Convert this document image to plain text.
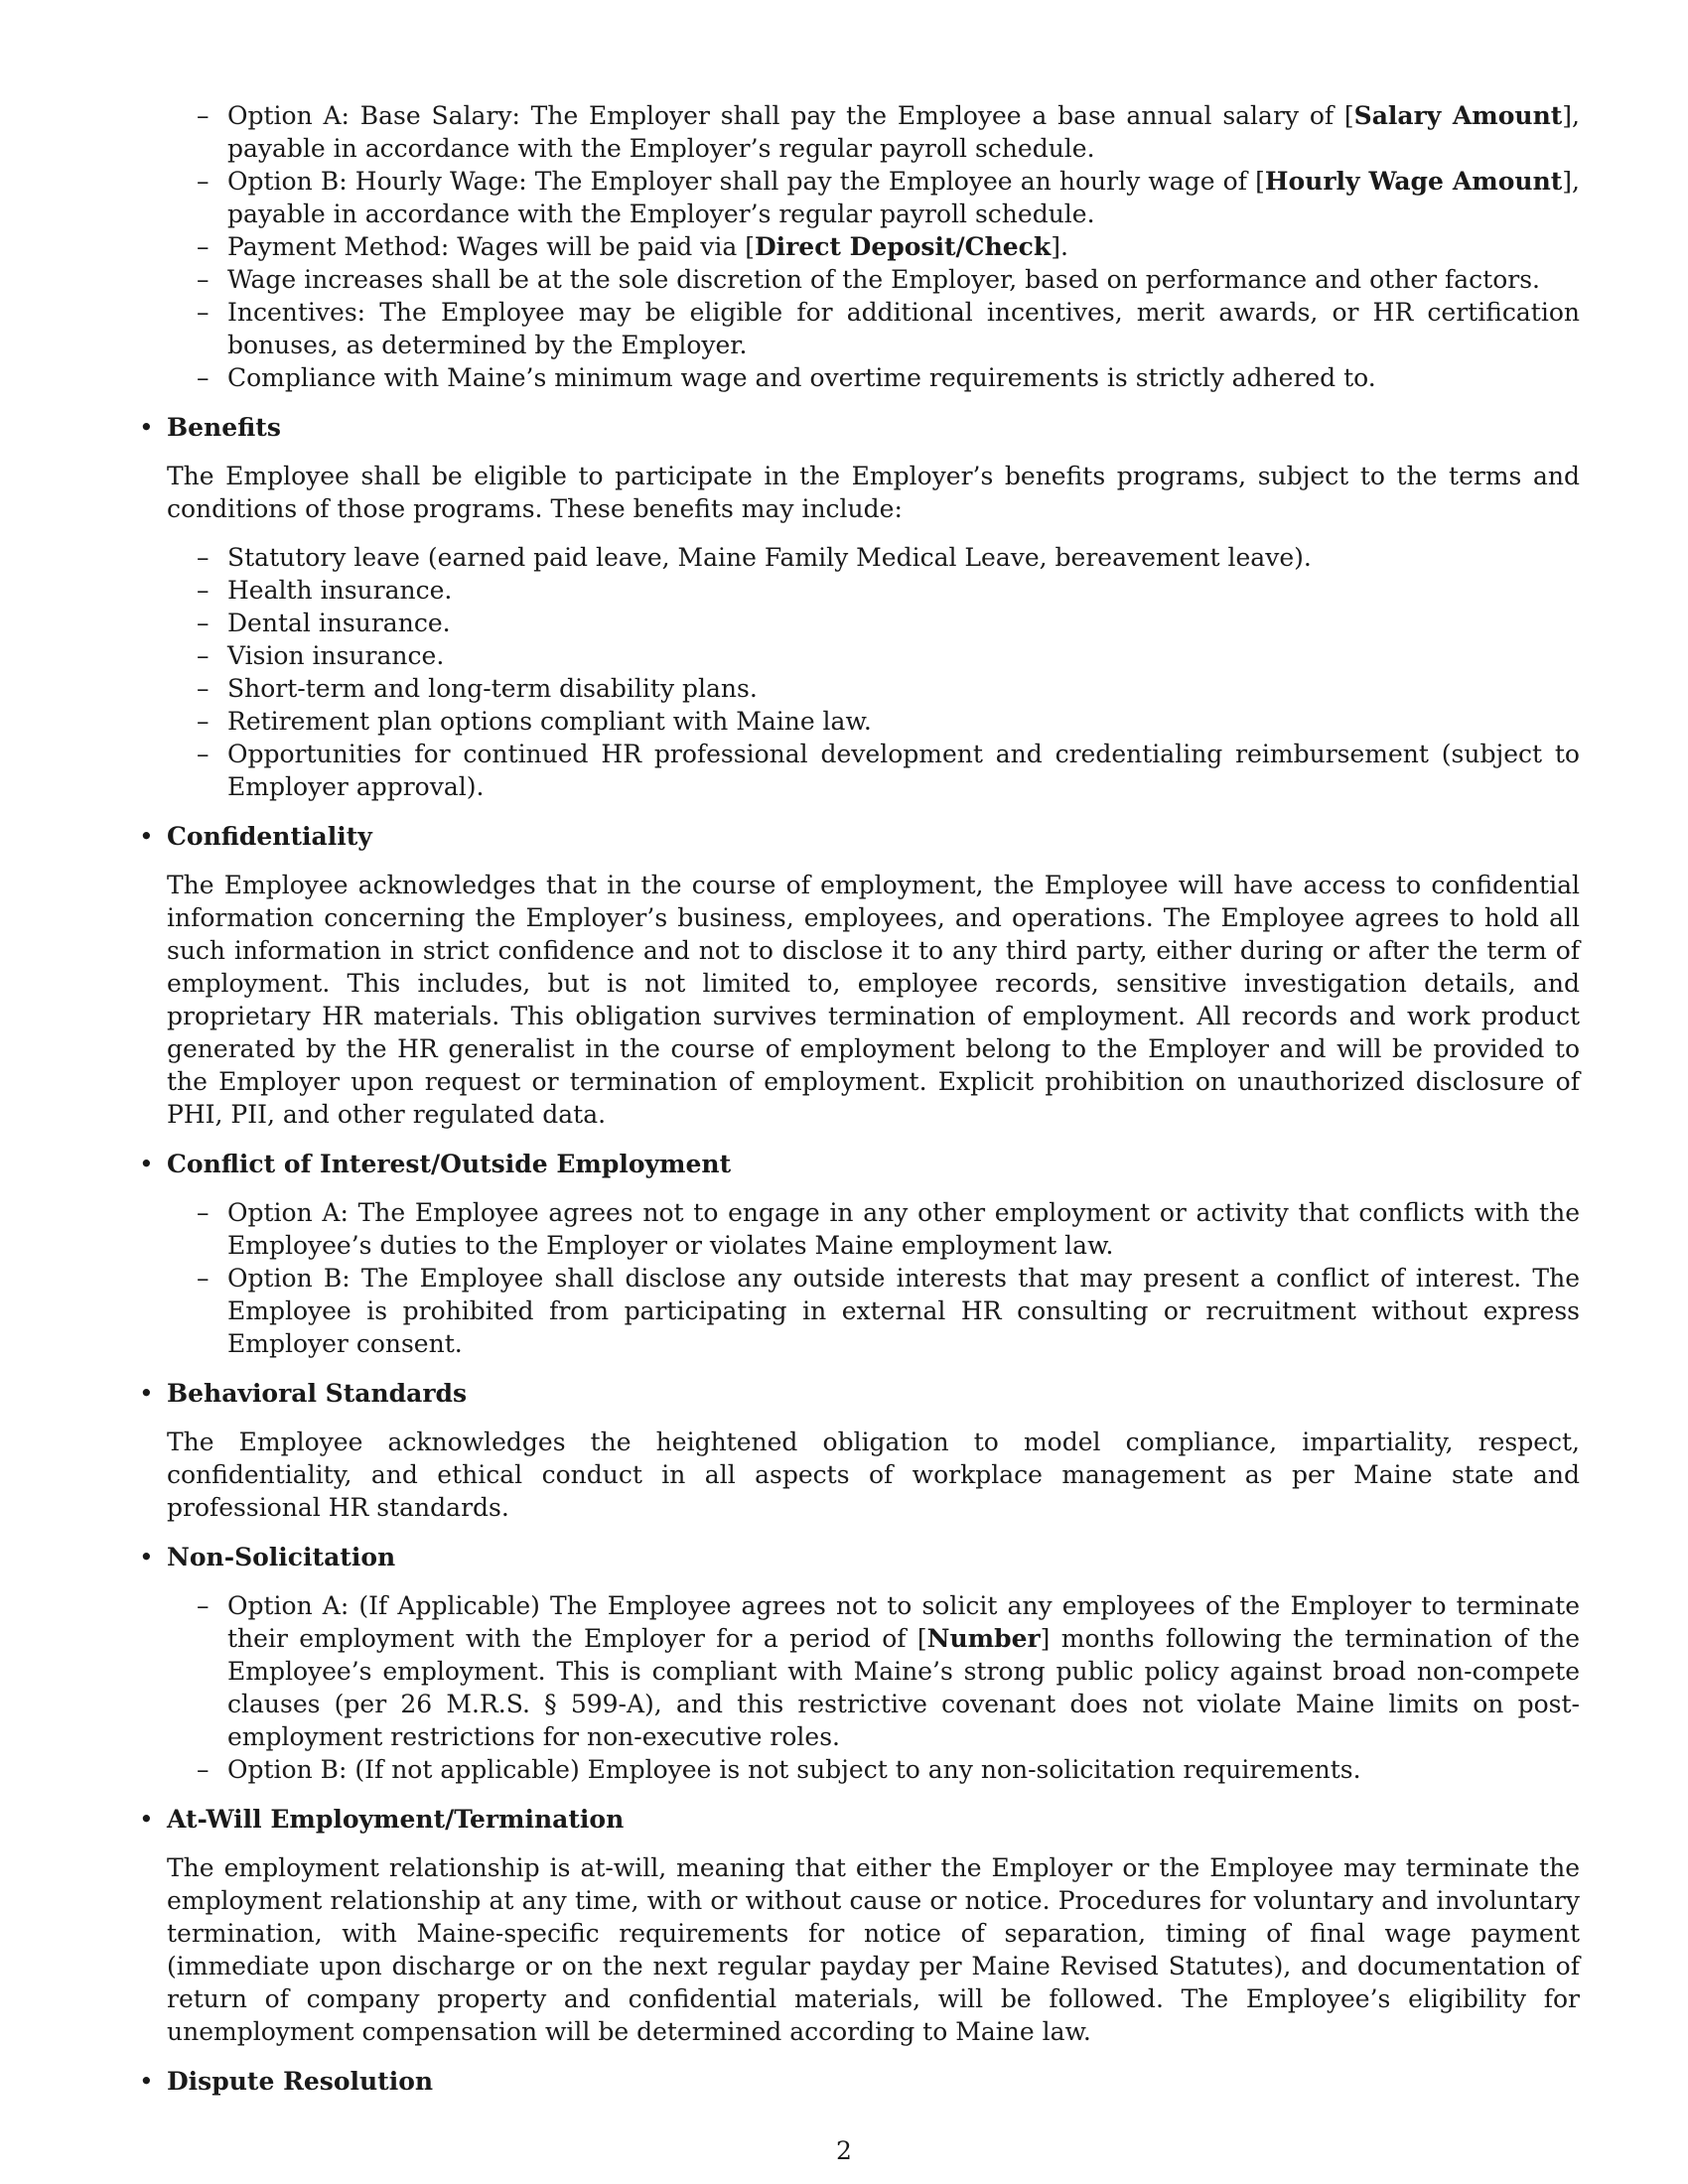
– Option A: Base Salary: The Employer shall pay the Employee a base annual salary of [Salary Amount], payable in accordance with the Employer’s regular payroll schedule.
– Option B: Hourly Wage: The Employer shall pay the Employee an hourly wage of [Hourly Wage Amount], payable in accordance with the Employer’s regular payroll schedule.
– Payment Method: Wages will be paid via [Direct Deposit/Check].
– Wage increases shall be at the sole discretion of the Employer, based on performance and other factors.
– Incentives: The Employee may be eligible for additional incentives, merit awards, or HR certification bonuses, as determined by the Employer.
– Compliance with Maine’s minimum wage and overtime requirements is strictly adhered to.
• Benefits
The Employee shall be eligible to participate in the Employer’s benefits programs, subject to the terms and conditions of those programs. These benefits may include:
– Statutory leave (earned paid leave, Maine Family Medical Leave, bereavement leave).
– Health insurance.
– Dental insurance.
– Vision insurance.
– Short-term and long-term disability plans.
– Retirement plan options compliant with Maine law.
– Opportunities for continued HR professional development and credentialing reimbursement (subject to Employer approval).
• Confidentiality
The Employee acknowledges that in the course of employment, the Employee will have access to confidential information concerning the Employer’s business, employees, and operations. The Employee agrees to hold all such information in strict confidence and not to disclose it to any third party, either during or after the term of employment. This includes, but is not limited to, employee records, sensitive investigation details, and proprietary HR materials. This obligation survives termination of employment. All records and work product generated by the HR generalist in the course of employment belong to the Employer and will be provided to the Employer upon request or termination of employment. Explicit prohibition on unauthorized disclosure of PHI, PII, and other regulated data.
• Conflict of Interest/Outside Employment
– Option A: The Employee agrees not to engage in any other employment or activity that conflicts with the Employee’s duties to the Employer or violates Maine employment law.
– Option B: The Employee shall disclose any outside interests that may present a conflict of interest. The Employee is prohibited from participating in external HR consulting or recruitment without express Employer consent.
• Behavioral Standards
The Employee acknowledges the heightened obligation to model compliance, impartiality, respect, confidentiality, and ethical conduct in all aspects of workplace management as per Maine state and professional HR standards.
• Non-Solicitation
– Option A: (If Applicable) The Employee agrees not to solicit any employees of the Employer to terminate their employment with the Employer for a period of [Number] months following the termination of the Employee’s employment. This is compliant with Maine’s strong public policy against broad non-compete clauses (per 26 M.R.S. § 599-A), and this restrictive covenant does not violate Maine limits on post-employment restrictions for non-executive roles.
– Option B: (If not applicable) Employee is not subject to any non-solicitation requirements.
• At-Will Employment/Termination
The employment relationship is at-will, meaning that either the Employer or the Employee may terminate the employment relationship at any time, with or without cause or notice. Procedures for voluntary and involuntary termination, with Maine-specific requirements for notice of separation, timing of final wage payment (immediate upon discharge or on the next regular payday per Maine Revised Statutes), and documentation of return of company property and confidential materials, will be followed. The Employee’s eligibility for unemployment compensation will be determined according to Maine law.
• Dispute Resolution
2
